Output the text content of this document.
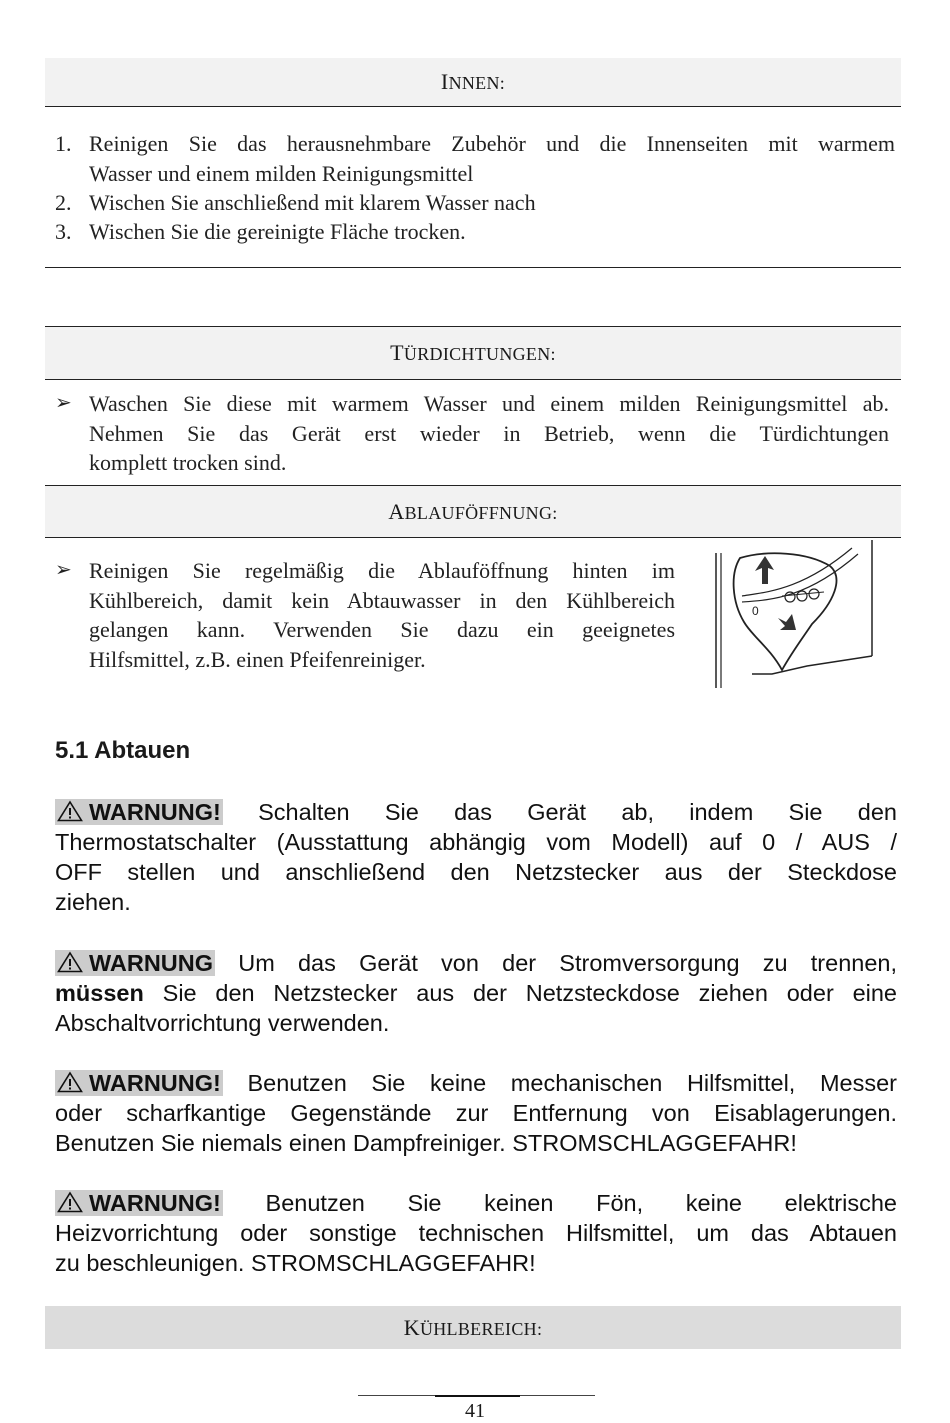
INNEN:
1. Reinigen Sie das herausnehmbare Zubehör und die Innenseiten mit warmem
Wasser und einem milden Reinigungsmittel
2. Wischen Sie anschließend mit klarem Wasser nach
3. Wischen Sie die gereinigte Fläche trocken.
TÜRDICHTUNGEN:
➢ Waschen Sie diese mit warmem Wasser und einem milden Reinigungsmittel ab.
Nehmen Sie das Gerät erst wieder in Betrieb, wenn die Türdichtungen
komplett trocken sind.
ABLAUFÖFFNUNG:
➢ Reinigen Sie regelmäßig die Ablauföffnung hinten im
Kühlbereich, damit kein Abtauwasser in den Kühlbereich
gelangen kann. Verwenden Sie dazu ein geeignetes
Hilfsmittel, z.B. einen Pfeifenreiniger.
0
5.1 Abtauen
WARNUNG! Schalten Sie das Gerät ab, indem Sie den
Thermostatschalter (Ausstattung abhängig vom Modell) auf 0 / AUS /
OFF stellen und anschließend den Netzstecker aus der Steckdose
ziehen.
WARNUNG Um das Gerät von der Stromversorgung zu trennen,
müssen Sie den Netzstecker aus der Netzsteckdose ziehen oder eine
Abschaltvorrichtung verwenden.
WARNUNG! Benutzen Sie keine mechanischen Hilfsmittel, Messer
oder scharfkantige Gegenstände zur Entfernung von Eisablagerungen.
Benutzen Sie niemals einen Dampfreiniger. STROMSCHLAGGEFAHR!
WARNUNG! Benutzen Sie keinen Fön, keine elektrische
Heizvorrichtung oder sonstige technischen Hilfsmittel, um das Abtauen
zu beschleunigen. STROMSCHLAGGEFAHR!
KÜHLBEREICH:
41
